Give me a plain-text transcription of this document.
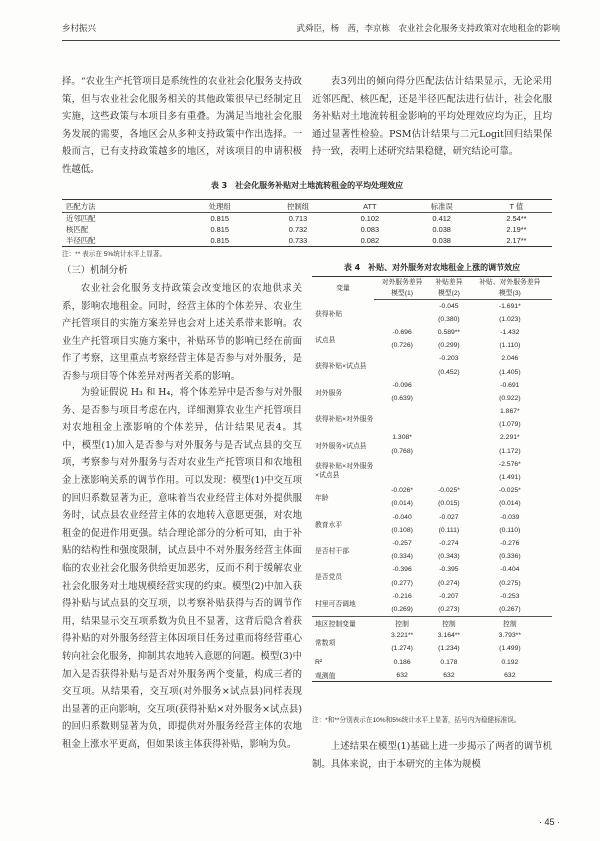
乡村振兴	武舜臣，杨　茜，李京栋　农业社会化服务支持政策对农地租金的影响

择。“农业生产托管项目是系统性的农业社会化服务支持政策，但与农业社会化服务相关的其他政策很早已经制定且实施，这些政策与本项目多有重叠。为满足当地社会化服务发展的需要，各地区会从多种支持政策中作出选择。一般而言，已有支持政策越多的地区，对该项目的申请积极性越低。

表3列出的倾向得分匹配法估计结果显示，无论采用近邻匹配、核匹配，还是半径匹配法进行估计，社会化服务补贴对土地流转租金影响的平均处理效应均为正，且均通过显著性检验。PSM估计结果与二元Logit回归结果保持一致，表明上述研究结果稳健，研究结论可靠。

表 3　社会化服务补贴对土地流转租金的平均处理效应
匹配方法	处理组	控制组	ATT	标准误	T 值
近邻匹配	0.815	0.713	0.102	0.412	2.54**
核匹配	0.815	0.732	0.083	0.038	2.19**
半径匹配	0.815	0.733	0.082	0.038	2.17**
注：** 表示在 5%统计水平上显著。
（三）机制分析

农业社会化服务支持政策会改变地区的农地供求关系，影响农地租金。同时，经营主体的个体差异、农业生产托管项目的实施方案差异也会对上述关系带来影响。农业生产托管项目实施方案中，补贴环节的影响已经在前面作了考察，这里重点考察经营主体是否参与对外服务，是否参与项目等个体差异对两者关系的影响。

为验证假说 H₃ 和 H₄，将个体差异中是否参与对外服务、是否参与项目考虑在内，详细测算农业生产托管项目对农地租金上涨影响的个体差异，估计结果见表4。其中，模型(1)加入是否参与对外服务与是否试点县的交互项，考察参与对外服务与否对农业生产托管项目和农地租金上涨影响关系的调节作用。可以发现：模型(1)中交互项的回归系数显著为正，意味着当农业经营主体对外提供服务时，试点县农业经营主体的农地转入意愿更强，对农地租金的促进作用更强。结合理论部分的分析可知，由于补贴的结构性和强度限制，试点县中不对外服务经营主体面临的农业社会化服务供给更加恶劣，反而不利于缓解农业社会化服务对土地规模经营实现的约束。模型(2)中加入获得补贴与试点县的交互项，以考察补贴获得与否的调节作用，结果显示交互项系数为负且不显著，这背后隐含着获得补贴的对外服务经营主体因项目任务过重而将经营重心转向社会化服务，抑制其农地转入意愿的问题。模型(3)中加入是否获得补贴与是否对外服务两个变量，构成三者的交互项。从结果看，交互项(对外服务×试点县)同样表现出显著的正向影响，交互项(获得补贴×对外服务×试点县)的回归系数则显著为负，即提供对外服务经营主体的农地租金上涨水平更高，但如果该主体获得补贴，影响为负。

表 4　补贴、对外服务对农地租金上涨的调节效应
变量	对外服务差异	补贴差异	补贴、对外服务差异
	模型(1)	模型(2)	模型(3)
获得补贴		-0.045	-1.691*
		(0.380)	(1.023)
试点县	-0.696	0.589**	-1.432
	(0.726)	(0.299)	(1.110)
获得补贴×试点县		-0.203	2.046
		(0.452)	(1.405)
对外服务	-0.096		-0.691
	(0.639)		(0.922)
获得补贴×对外服务			1.867*
			(1.079)
对外服务×试点县	1.308*		2.291*
	(0.768)		(1.172)
获得补贴×对外服务×试点县			-2.576*
			(1.491)
年龄	-0.026*	-0.025*	-0.025*
	(0.014)	(0.015)	(0.014)
教育水平	-0.040	-0.027	-0.039
	(0.108)	(0.111)	(0.110)
是否村干部	-0.257	-0.274	-0.276
	(0.334)	(0.343)	(0.336)
是否党员	-0.396	-0.395	-0.404
	(0.277)	(0.274)	(0.275)
村里可否调地	-0.216	-0.207	-0.253
	(0.269)	(0.273)	(0.267)
地区控制变量	控制	控制	控制
常数项	3.221**	3.164**	3.793**
	(1.274)	(1.234)	(1.499)
R²	0.186	0.178	0.192
观测值	632	632	632
注：*和**分别表示在10%和5%统计水平上显著，括号内为稳健标准误。

上述结果在模型(1)基础上进一步揭示了两者的调节机制。具体来说，由于本研究的主体为规模

· 45 ·
